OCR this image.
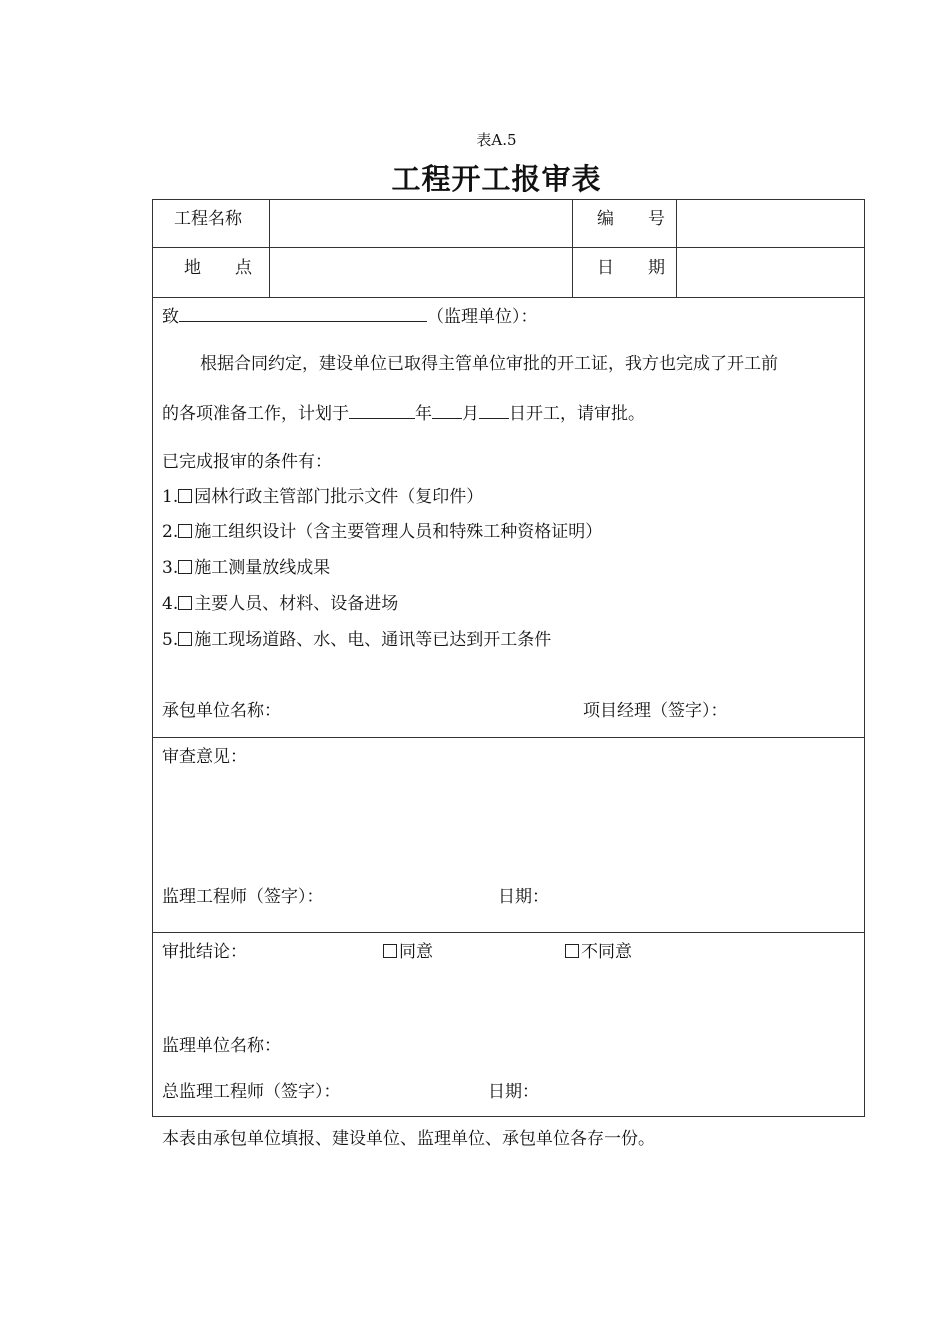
表A.5
工程开工报审表
工程名称	编　　号
地　　点	日　　期
致	（监理单位）：
根据合同约定，建设单位已取得主管单位审批的开工证，我方也完成了开工前
的各项准备工作，计划于	年 月 日开工，请审批。
已完成报审的条件有：
1. 园林行政主管部门批示文件（复印件）
2. 施工组织设计（含主要管理人员和特殊工种资格证明）
3. 施工测量放线成果
4. 主要人员、材料、设备进场
5. 施工现场道路、水、电、通讯等已达到开工条件
承包单位名称：	项目经理（签字）：
审查意见：
监理工程师（签字）：	日期：
审批结论：	同意	不同意
监理单位名称：
总监理工程师（签字）：	日期：
本表由承包单位填报、建设单位、监理单位、承包单位各存一份。
